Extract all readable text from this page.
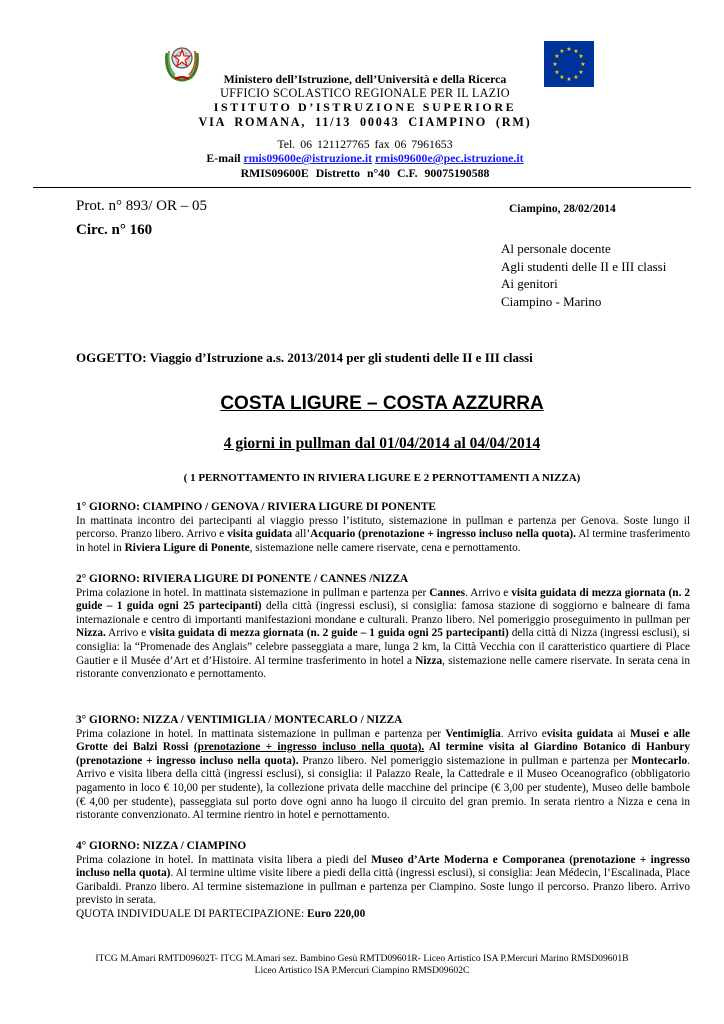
★ ★
★
★
★
★
★
★
★
★
★
★
Ministero dell’Istruzione, dell’Università e della Ricerca
UFFICIO SCOLASTICO REGIONALE PER IL LAZIO
ISTITUTO D’ISTRUZIONE SUPERIORE
VIA ROMANA, 11/13 00043 CIAMPINO (RM)
Tel. 06 121127765 fax 06 7961653
E-mail rmis09600e@istruzione.it rmis09600e@pec.istruzione.it
RMIS09600E Distretto n°40 C.F. 90075190588
Prot. n° 893/ OR – 05	Ciampino, 28/02/2014
Circ. n° 160
Al personale docente
Agli studenti delle II e III classi
Ai genitori
Ciampino - Marino
OGGETTO: Viaggio d’Istruzione a.s. 2013/2014 per gli studenti delle II e III classi
COSTA LIGURE – COSTA AZZURRA
4 giorni in pullman dal 01/04/2014 al 04/04/2014
( 1 PERNOTTAMENTO IN RIVIERA LIGURE E 2 PERNOTTAMENTI A NIZZA)

1° GIORNO: CIAMPINO / GENOVA / RIVIERA LIGURE DI PONENTE

In mattinata incontro dei partecipanti al viaggio presso l’istituto, sistemazione in pullman e partenza per Genova. Soste lungo il percorso. Pranzo libero. Arrivo e visita guidata all’Acquario (prenotazione + ingresso incluso nella quota). Al termine trasferimento in hotel in Riviera Ligure di Ponente, sistemazione nelle camere riservate, cena e pernottamento.

2° GIORNO: RIVIERA LIGURE DI PONENTE / CANNES /NIZZA

Prima colazione in hotel. In mattinata sistemazione in pullman e partenza per Cannes. Arrivo e visita guidata di mezza giornata (n. 2 guide – 1 guida ogni 25 partecipanti) della città (ingressi esclusi), si consiglia: famosa stazione di soggiorno e balneare di fama internazionale e centro di importanti manifestazioni mondane e culturali. Pranzo libero. Nel pomeriggio proseguimento in pullman per Nizza. Arrivo e visita guidata di mezza giornata (n. 2 guide – 1 guida ogni 25 partecipanti) della città di Nizza (ingressi esclusi), si consiglia: la “Promenade des Anglais” celebre passeggiata a mare, lunga 2 km, la Città Vecchia con il caratteristico quartiere di Place Gautier e il Musée d’Art et d’Histoire. Al termine trasferimento in hotel a Nizza, sistemazione nelle camere riservate. In serata cena in ristorante convenzionato e pernottamento.

3° GIORNO: NIZZA / VENTIMIGLIA / MONTECARLO / NIZZA

Prima colazione in hotel. In mattinata sistemazione in pullman e partenza per Ventimiglia. Arrivo evisita guidata ai Musei e alle Grotte dei Balzi Rossi (prenotazione + ingresso incluso nella quota). Al termine visita al Giardino Botanico di Hanbury (prenotazione + ingresso incluso nella quota). Pranzo libero. Nel pomeriggio sistemazione in pullman e partenza per Montecarlo. Arrivo e visita libera della città (ingressi esclusi), si consiglia: il Palazzo Reale, la Cattedrale e il Museo Oceanografico (obbligatorio pagamento in loco € 10,00 per studente), la collezione privata delle macchine del principe (€ 3,00 per studente), Museo delle bambole (€ 4,00 per studente), passeggiata sul porto dove ogni anno ha luogo il circuito del gran premio. In serata rientro a Nizza e cena in ristorante convenzionato. Al termine rientro in hotel e pernottamento.

4° GIORNO: NIZZA / CIAMPINO

Prima colazione in hotel. In mattinata visita libera a piedi del Museo d’Arte Moderna e Comporanea (prenotazione + ingresso incluso nella quota). Al termine ultime visite libere a piedi della città (ingressi esclusi), si consiglia: Jean Médecin, l’Escalinada, Place Garibaldi. Pranzo libero. Al termine sistemazione in pullman e partenza per Ciampino. Soste lungo il percorso. Pranzo libero. Arrivo previsto in serata.

QUOTA INDIVIDUALE DI PARTECIPAZIONE: Euro 220,00

ITCG M.Amari RMTD09602T- ITCG M.Amari sez. Bambino Gesù RMTD09601R- Liceo Artistico ISA P.Mercuri Marino RMSD09601B
Liceo Artistico ISA P.Mercuri Ciampino RMSD09602C
